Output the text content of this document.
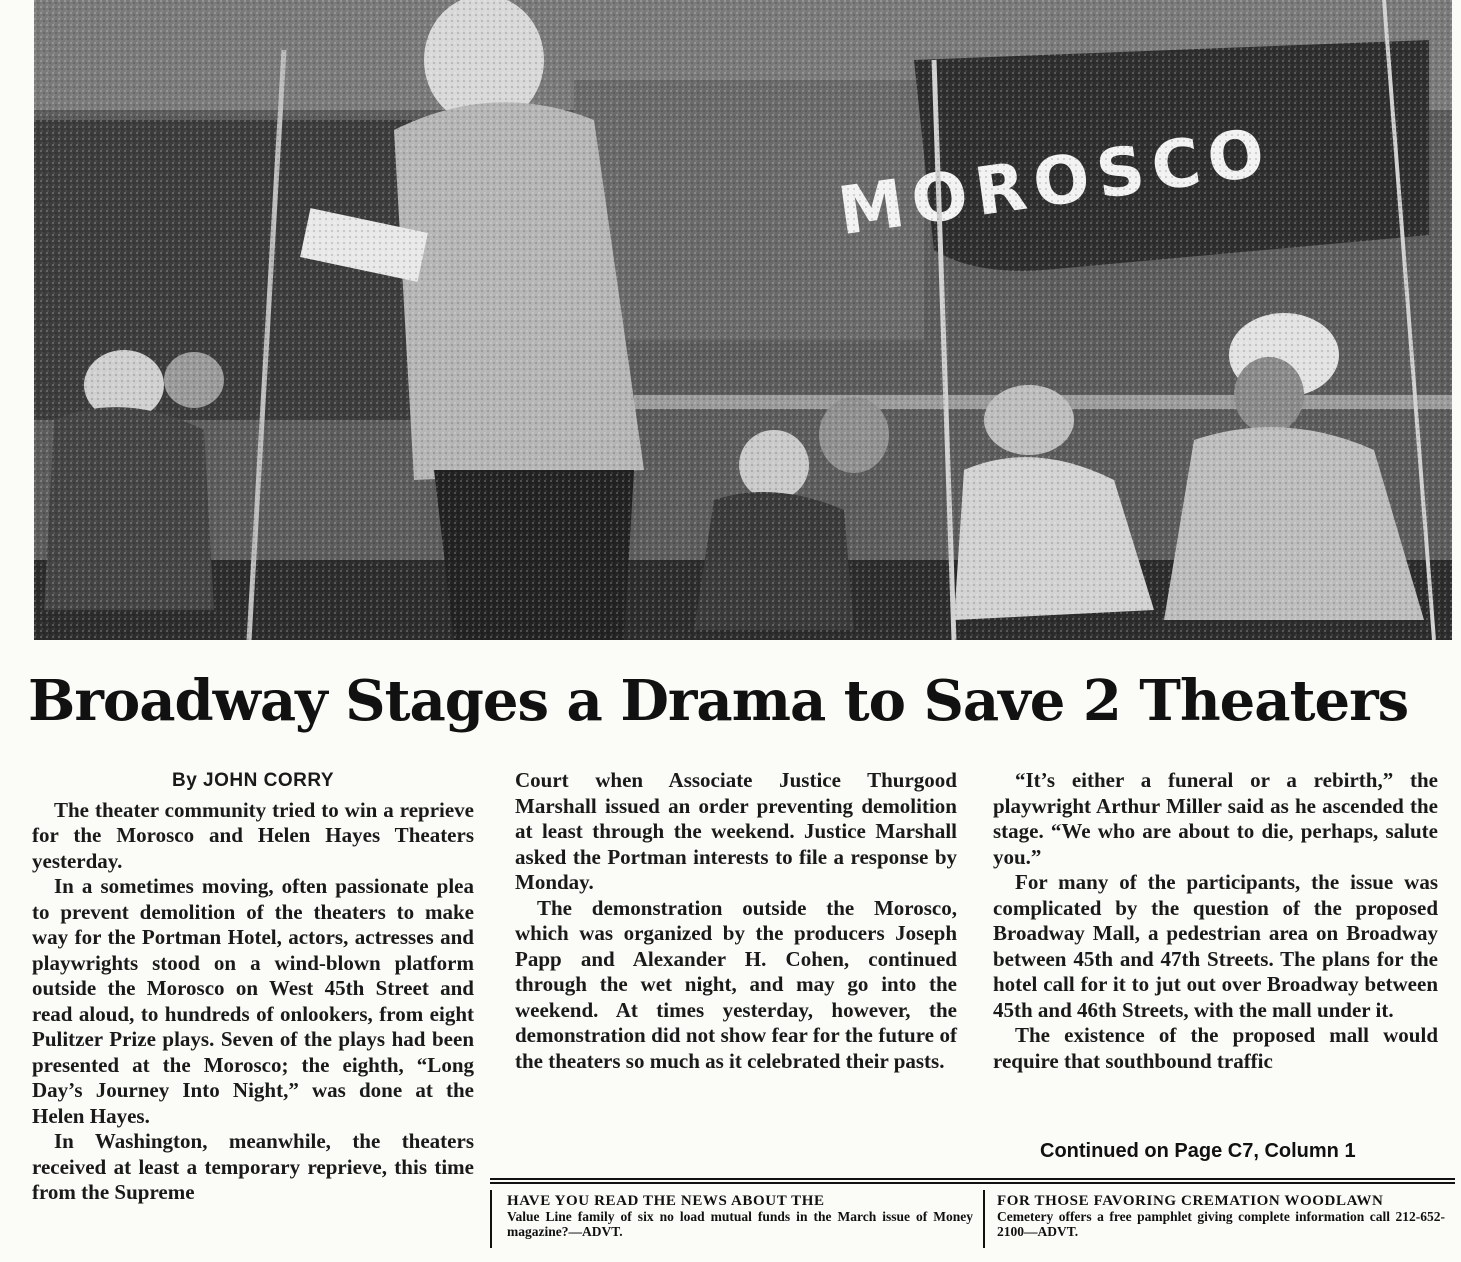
Broadway Stages a Drama to Save 2 Theaters
By JOHN CORRY

The theater community tried to win a reprieve for the Morosco and Helen Hayes Theaters yesterday.

In a sometimes moving, often passionate plea to prevent demolition of the theaters to make way for the Portman Hotel, actors, actresses and playwrights stood on a wind-blown platform outside the Morosco on West 45th Street and read aloud, to hundreds of onlookers, from eight Pulitzer Prize plays. Seven of the plays had been presented at the Morosco; the eighth, “Long Day’s Journey Into Night,” was done at the Helen Hayes.

In Washington, meanwhile, the theaters received at least a temporary reprieve, this time from the Supreme

Court when Associate Justice Thurgood Marshall issued an order preventing demolition at least through the weekend. Justice Marshall asked the Portman interests to file a response by Monday.

The demonstration outside the Morosco, which was organized by the producers Joseph Papp and Alexander H. Cohen, continued through the wet night, and may go into the weekend. At times yesterday, however, the demonstration did not show fear for the future of the theaters so much as it celebrated their pasts.

“It’s either a funeral or a rebirth,” the playwright Arthur Miller said as he ascended the stage. “We who are about to die, perhaps, salute you.”

For many of the participants, the issue was complicated by the question of the proposed Broadway Mall, a pedestrian area on Broadway between 45th and 47th Streets. The plans for the hotel call for it to jut out over Broadway between 45th and 46th Streets, with the mall under it.

The existence of the proposed mall would require that southbound traffic

Continued on Page C7, Column 1
HAVE YOU READ THE NEWS ABOUT THE
Value Line family of six no load mutual funds in the March issue of Money magazine?—ADVT.
FOR THOSE FAVORING CREMATION WOODLAWN
Cemetery offers a free pamphlet giving complete information call 212-652-2100—ADVT.
